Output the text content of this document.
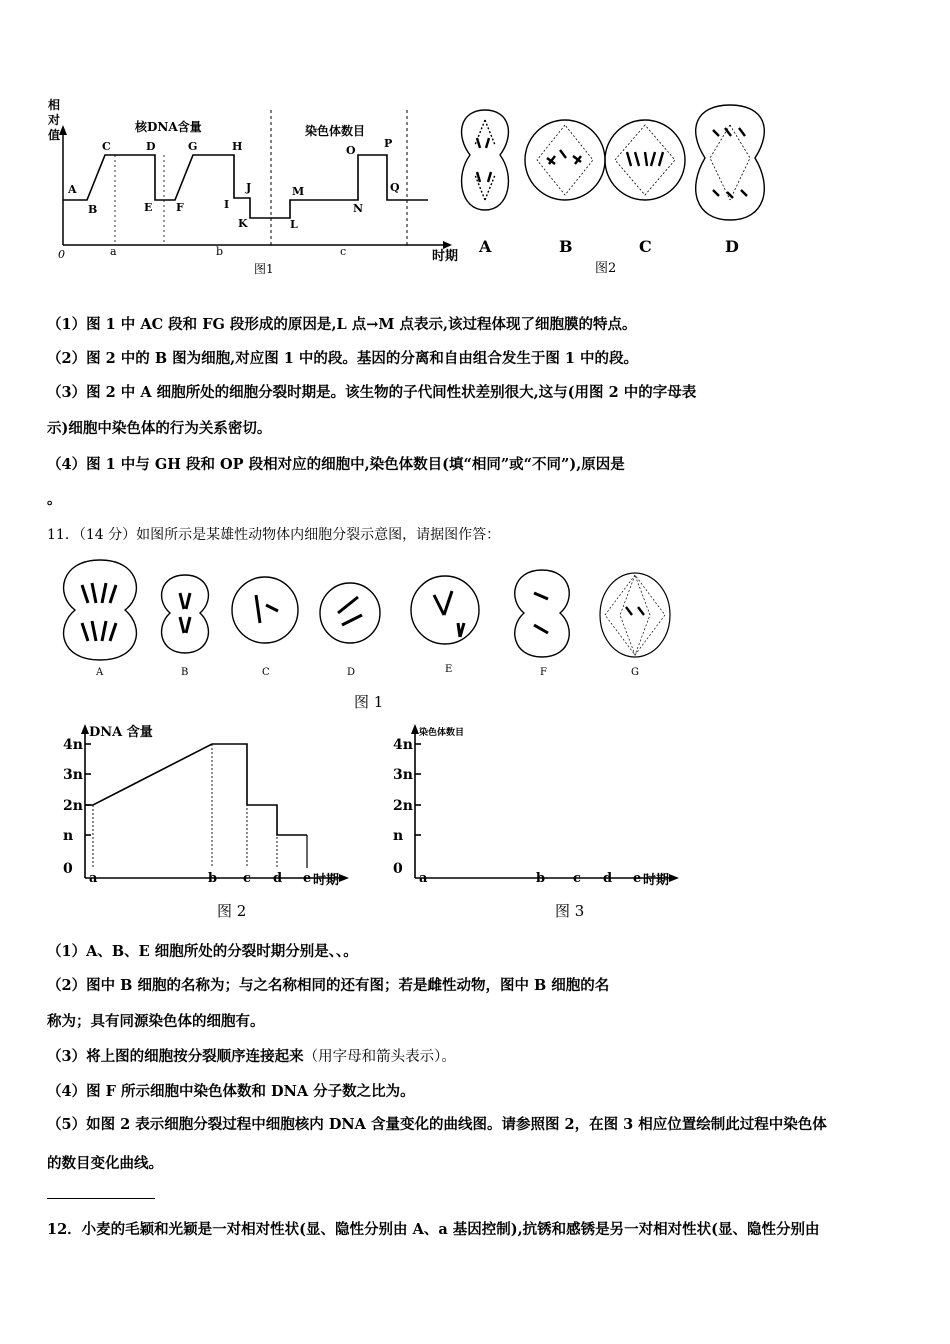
相
对
值
核DNA含量	染色体数目
A
B
C	D
E F
G	H
I
J
K	L
M
N
O
P
Q
0	a	b	c	时期
图1
A	B	C	D
图2
（1）图 1 中 AC 段和 FG 段形成的原因是,L 点→M 点表示,该过程体现了细胞膜的特点。
（2）图 2 中的 B 图为细胞,对应图 1 中的段。基因的分离和自由组合发生于图 1 中的段。
（3）图 2 中 A 细胞所处的细胞分裂时期是。该生物的子代间性状差别很大,这与(用图 2 中的字母表
示)细胞中染色体的行为关系密切。
（4）图 1 中与 GH 段和 OP 段相对应的细胞中,染色体数目(填“相同”或“不同”),原因是
。
11．（14 分）如图所示是某雄性动物体内细胞分裂示意图，请据图作答：
A	B	C	D	E	F	G
图 1
DNA 含量
4n
3n
2n
n
0
a	b c d e 时期
图 2
染色体数目
4n
3n
2n
n
0
a	b c d e 时期
图 3
（1）A、B、E 细胞所处的分裂时期分别是、、。
（2）图中 B 细胞的名称为；与之名称相同的还有图；若是雌性动物，图中 B 细胞的名
称为；具有同源染色体的细胞有。
（3）将上图的细胞按分裂顺序连接起来（用字母和箭头表示）。
（4）图 F 所示细胞中染色体数和 DNA 分子数之比为。
（5）如图 2 表示细胞分裂过程中细胞核内 DNA 含量变化的曲线图。请参照图 2，在图 3 相应位置绘制此过程中染色体
的数目变化曲线。
12．小麦的毛颖和光颖是一对相对性状(显、隐性分别由 A、a 基因控制),抗锈和感锈是另一对相对性状(显、隐性分别由
